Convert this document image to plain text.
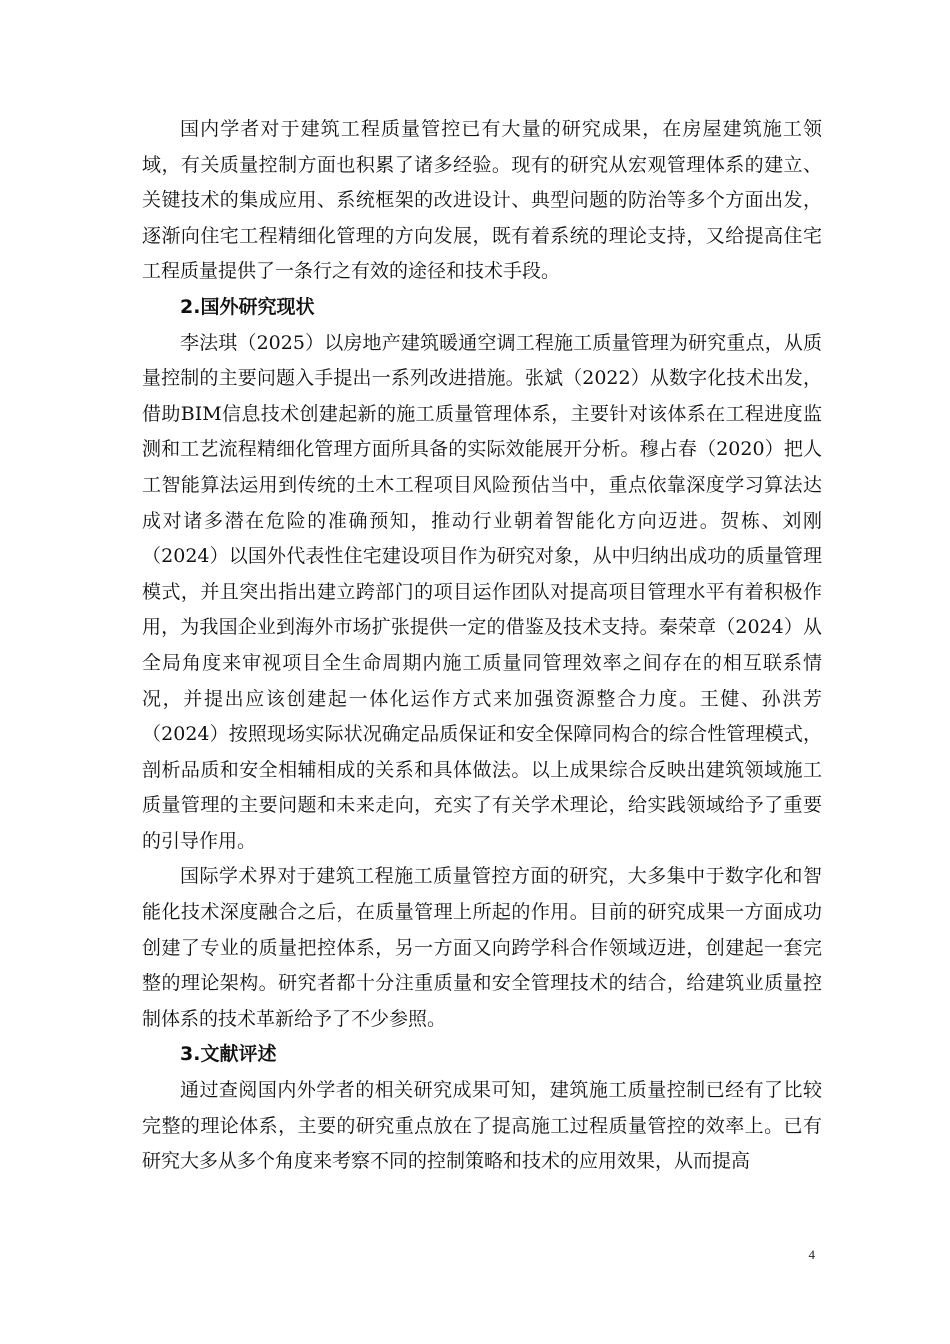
国内学者对于建筑工程质量管控已有大量的研究成果，在房屋建筑施工领域，有关质量控制方面也积累了诸多经验。现有的研究从宏观管理体系的建立、关键技术的集成应用、系统框架的改进设计、典型问题的防治等多个方面出发，逐渐向住宅工程精细化管理的方向发展，既有着系统的理论支持，又给提高住宅工程质量提供了一条行之有效的途径和技术手段。

2.国外研究现状

李法琪（2025）以房地产建筑暖通空调工程施工质量管理为研究重点，从质量控制的主要问题入手提出一系列改进措施。张斌（2022）从数字化技术出发，借助BIM信息技术创建起新的施工质量管理体系，主要针对该体系在工程进度监测和工艺流程精细化管理方面所具备的实际效能展开分析。穆占春（2020）把人工智能算法运用到传统的土木工程项目风险预估当中，重点依靠深度学习算法达成对诸多潜在危险的准确预知，推动行业朝着智能化方向迈进。贺栋、刘刚（2024）以国外代表性住宅建设项目作为研究对象，从中归纳出成功的质量管理模式，并且突出指出建立跨部门的项目运作团队对提高项目管理水平有着积极作用，为我国企业到海外市场扩张提供一定的借鉴及技术支持。秦荣章（2024）从全局角度来审视项目全生命周期内施工质量同管理效率之间存在的相互联系情况，并提出应该创建起一体化运作方式来加强资源整合力度。王健、孙洪芳（2024）按照现场实际状况确定品质保证和安全保障同构合的综合性管理模式，剖析品质和安全相辅相成的关系和具体做法。以上成果综合反映出建筑领域施工质量管理的主要问题和未来走向，充实了有关学术理论，给实践领域给予了重要的引导作用。

国际学术界对于建筑工程施工质量管控方面的研究，大多集中于数字化和智能化技术深度融合之后，在质量管理上所起的作用。目前的研究成果一方面成功创建了专业的质量把控体系，另一方面又向跨学科合作领域迈进，创建起一套完整的理论架构。研究者都十分注重质量和安全管理技术的结合，给建筑业质量控制体系的技术革新给予了不少参照。

3.文献评述

通过查阅国内外学者的相关研究成果可知，建筑施工质量控制已经有了比较完整的理论体系，主要的研究重点放在了提高施工过程质量管控的效率上。已有研究大多从多个角度来考察不同的控制策略和技术的应用效果，从而提高

4
